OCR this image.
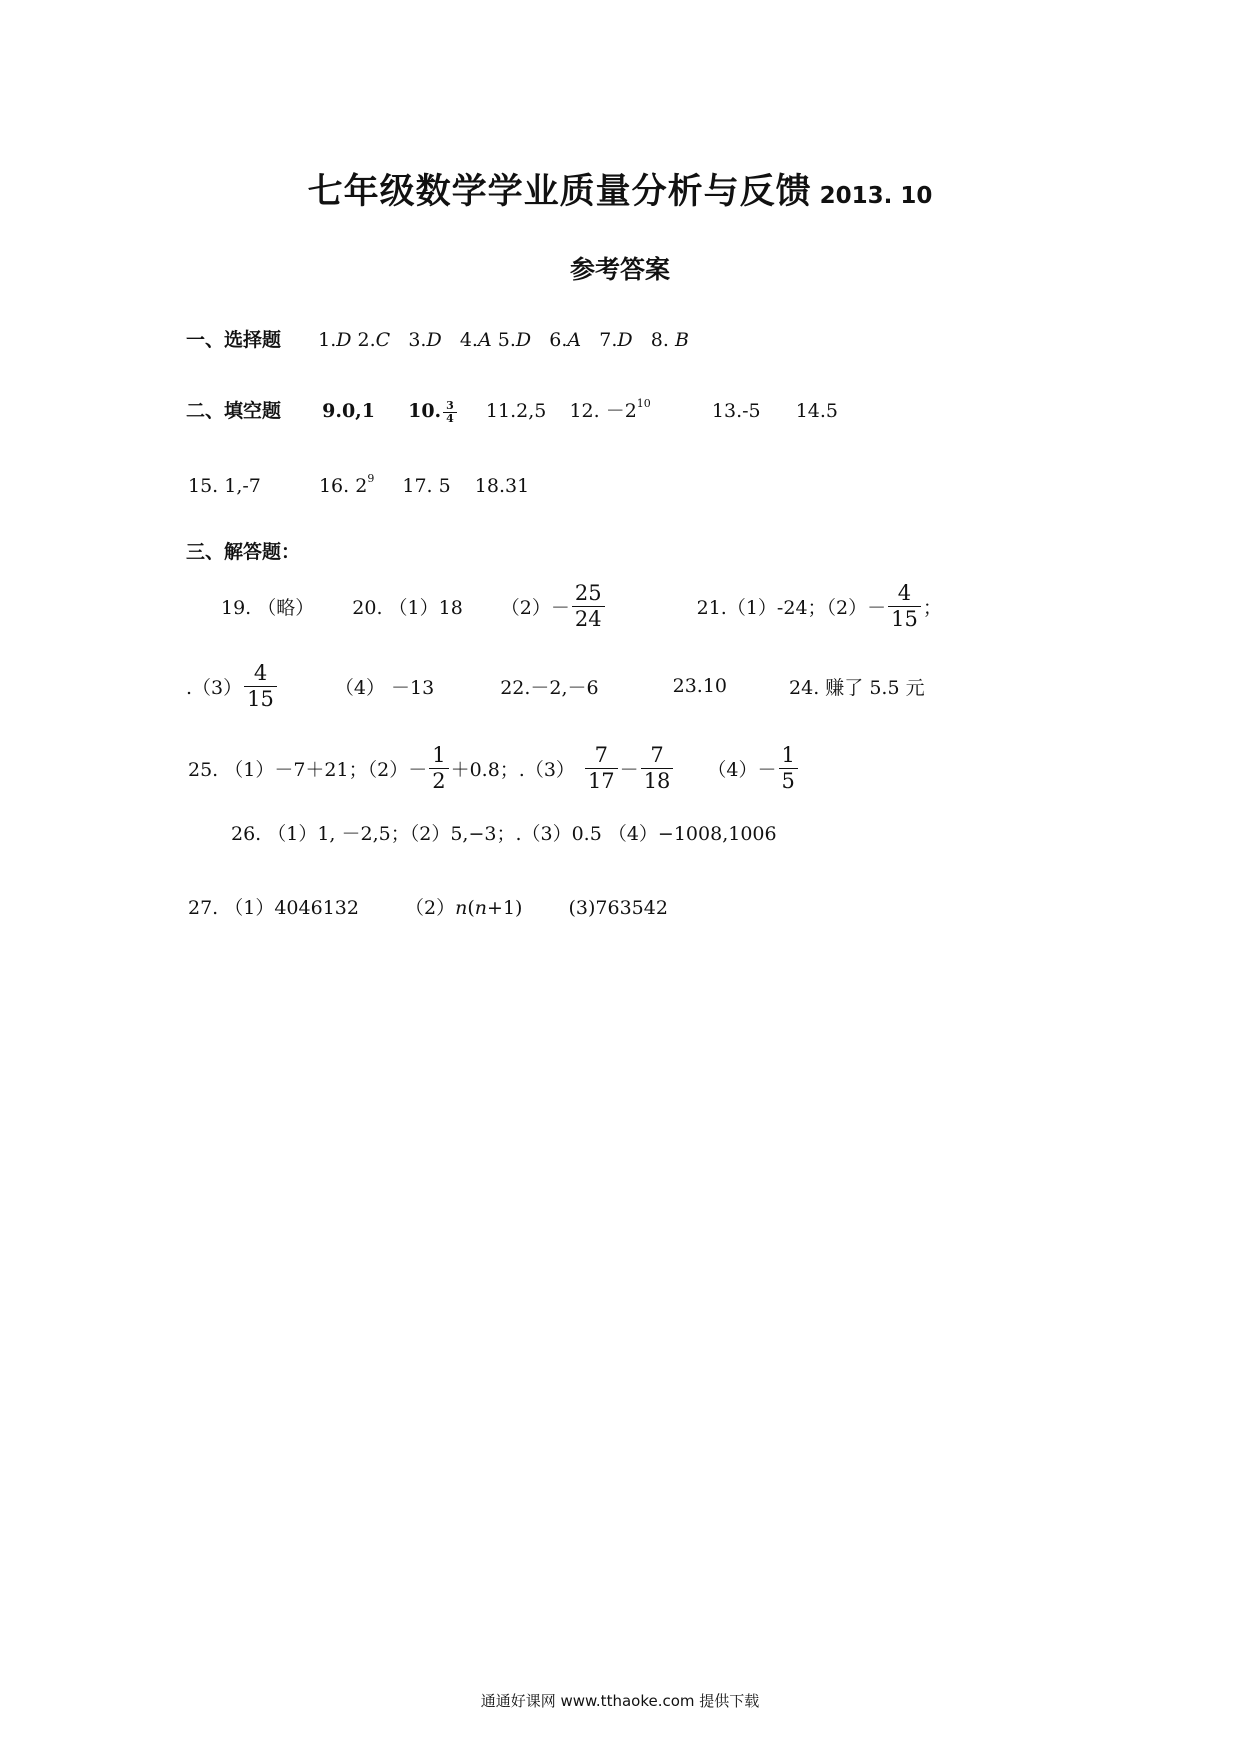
七年级数学学业质量分析与反馈 2013. 10
参考答案
一、选择题 1.D 2.C 3.D 4.A 5.D 6.A 7.D 8. B
二、填空题 9.0,1 10. $\frac{3}{4} 11.2,5$ 12. $-2^{10}$	13.-5 14.5
15. 1,-7	16. $2^9$ 17. 5 18.31
三、解答题：
19. （略） 20. （1）18 $(2)- \frac{25}{24}$	21.（1）-24；$(2)- \frac{4}{15}$ ；
$.(3) \frac{4}{15}$	（4） －13	22.－2,－6	23.10	24. 赚了 5.5 元
25. （1）－7＋21；$(2)- \frac{1}{2} +0.8$；$.(3) \frac{7}{17} - \frac{7}{18} (4)- \frac{1}{5}$
26. （1）1, －2,5；（2）5,−3；.（3）0.5 （4）−1008,1006
27. （1）4046132 （2）n(n+1) (3)763542
通通好课网 www.tthaoke.com 提供下载
